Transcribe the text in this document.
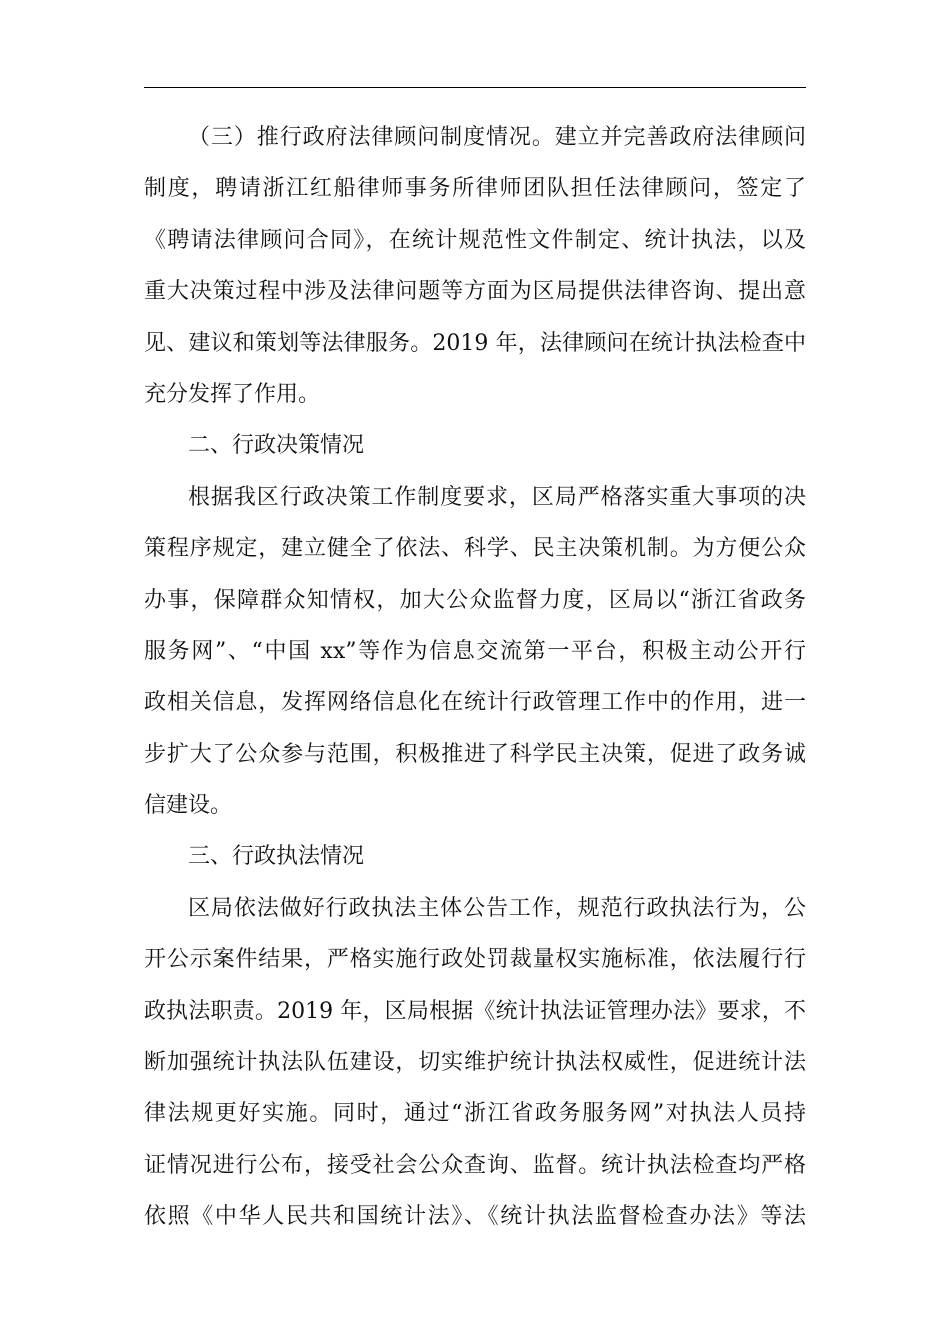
（三）推行政府法律顾问制度情况。建立并完善政府法律顾问
制度，聘请浙江红船律师事务所律师团队担任法律顾问，签定了
《聘请法律顾问合同》，在统计规范性文件制定、统计执法，以及
重大决策过程中涉及法律问题等方面为区局提供法律咨询、提出意
见、建议和策划等法律服务。2019 年，法律顾问在统计执法检查中
充分发挥了作用。
二、行政决策情况
根据我区行政决策工作制度要求，区局严格落实重大事项的决
策程序规定，建立健全了依法、科学、民主决策机制。为方便公众
办事，保障群众知情权，加大公众监督力度，区局以“浙江省政务
服务网”、“中国 xx”等作为信息交流第一平台，积极主动公开行
政相关信息，发挥网络信息化在统计行政管理工作中的作用，进一
步扩大了公众参与范围，积极推进了科学民主决策，促进了政务诚
信建设。
三、行政执法情况
区局依法做好行政执法主体公告工作，规范行政执法行为，公
开公示案件结果，严格实施行政处罚裁量权实施标准，依法履行行
政执法职责。2019 年，区局根据《统计执法证管理办法》要求，不
断加强统计执法队伍建设，切实维护统计执法权威性，促进统计法
律法规更好实施。同时，通过“浙江省政务服务网”对执法人员持
证情况进行公布，接受社会公众查询、监督。统计执法检查均严格
依照《中华人民共和国统计法》、《统计执法监督检查办法》等法
